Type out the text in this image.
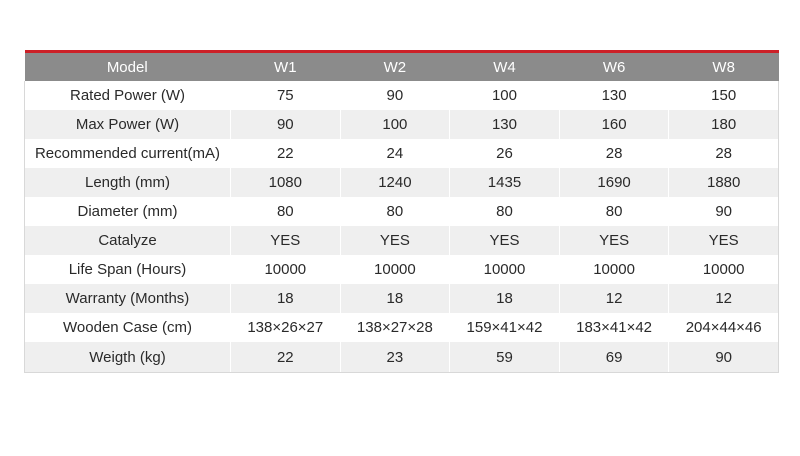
Model	W1	W2	W4	W6	W8
Rated Power (W)	75	90	100	130	150
Max Power (W)	90	100	130	160	180
Recommended current(mA)	22	24	26	28	28
Length (mm)	1080	1240	1435	1690	1880
Diameter (mm)	80	80	80	80	90
Catalyze	YES	YES	YES	YES	YES
Life Span (Hours)	10000	10000	10000	10000	10000
Warranty (Months)	18	18	18	12	12
Wooden Case (cm)	138×26×27	138×27×28	159×41×42	183×41×42	204×44×46
Weigth (kg)	22	23	59	69	90
